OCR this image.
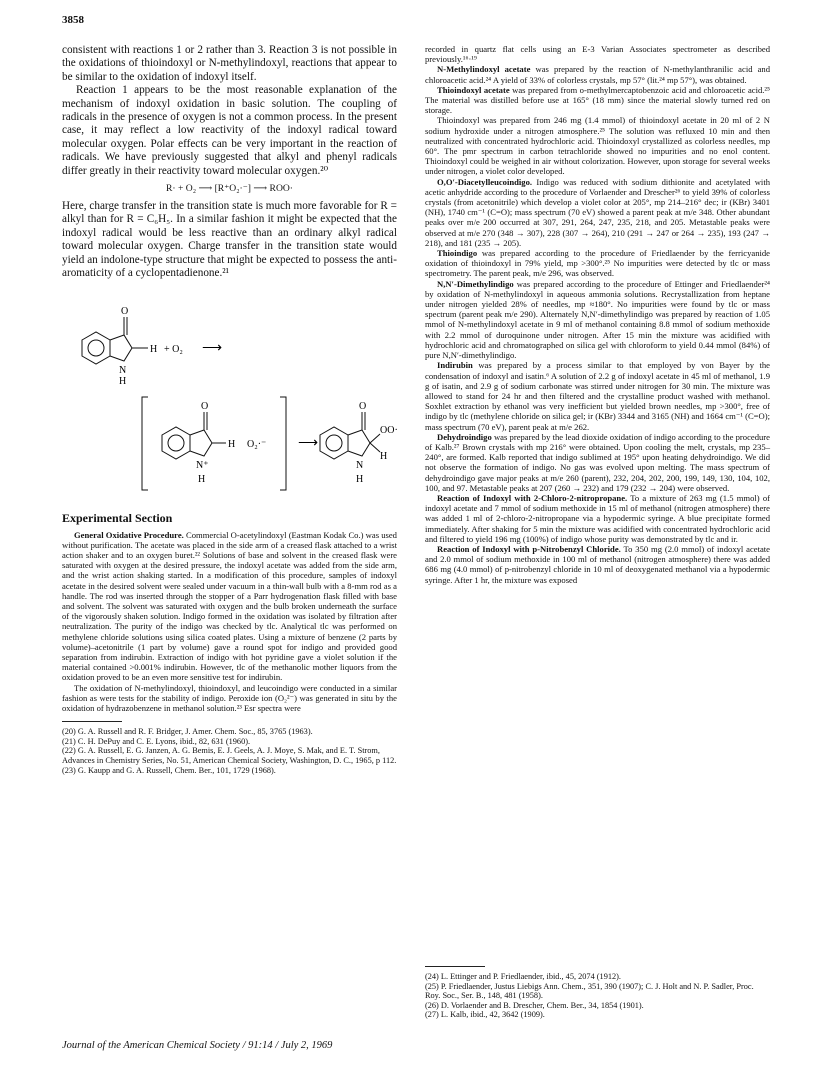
3858

consistent with reactions 1 or 2 rather than 3. Reaction 3 is not possible in the oxidations of thioindoxyl or N-methylindoxyl, reactions that appear to be similar to the oxidation of indoxyl itself.

Reaction 1 appears to be the most reasonable explanation of the mechanism of indoxyl oxidation in basic solution. The coupling of radicals in the presence of oxygen is not a common process. In the present case, it may reflect a low reactivity of the indoxyl radical toward molecular oxygen. Polar effects can be very important in the reaction of radicals. We have previously suggested that alkyl and phenyl radicals differ greatly in their reactivity toward molecular oxygen.²⁰

R· + O₂ ⟶ [R⁺O₂·⁻] ⟶ ROO·

Here, charge transfer in the transition state is much more favorable for R = alkyl than for R = C₆H₅. In a similar fashion it might be expected that the indoxyl radical would be less reactive than an ordinary alkyl radical toward molecular oxygen. Charge transfer in the transition state would yield an indolone-type structure that might be expected to possess the anti-aromaticity of a cyclopentadienone.²¹

O
H + O₂ ⟶
N
H
O
H O₂·⁻
N⁺
H
⟶
O
OO·
H
N
H
Experimental Section

General Oxidative Procedure. Commercial O-acetylindoxyl (Eastman Kodak Co.) was used without purification. The acetate was placed in the side arm of a creased flask attached to a wrist action shaker and to an oxygen buret.²² Solutions of base and solvent in the creased flask were saturated with oxygen at the desired pressure, the indoxyl acetate was added from the side arm, and the wrist action shaking started. In a modification of this procedure, samples of indoxyl acetate in the desired solvent were sealed under vacuum in a thin-wall bulb with a 8-mm rod as a handle. The rod was inserted through the stopper of a Parr hydrogenation flask filled with base and solvent. The solvent was saturated with oxygen and the bulb broken underneath the surface of the vigorously shaken solution. Indigo formed in the oxidation was isolated by filtration after neutralization. The purity of the indigo was checked by tlc. Analytical tlc was performed on methylene chloride solutions using silica coated plates. Using a mixture of benzene (2 parts by volume)–acetonitrile (1 part by volume) gave a round spot for indigo and provided good separation from indirubin. Extraction of indigo with hot pyridine gave a violet solution if the material contained >0.001% indirubin. However, tlc of the methanolic mother liquors from the oxidation proved to be an even more sensitive test for indirubin.

The oxidation of N-methylindoxyl, thioindoxyl, and leucoindigo were conducted in a similar fashion as were tests for the stability of indigo. Peroxide ion (O₂²⁻) was generated in situ by the oxidation of hydrazobenzene in methanol solution.²³ Esr spectra were

(20) G. A. Russell and R. F. Bridger, J. Amer. Chem. Soc., 85, 3765 (1963).
(21) C. H. DePuy and C. E. Lyons, ibid., 82, 631 (1960).
(22) G. A. Russell, E. G. Janzen, A. G. Bemis, E. J. Geels, A. J. Moye, S. Mak, and E. T. Strom, Advances in Chemistry Series, No. 51, American Chemical Society, Washington, D. C., 1965, p 112.
(23) G. Kaupp and G. A. Russell, Chem. Ber., 101, 1729 (1968).

recorded in quartz flat cells using an E-3 Varian Associates spectrometer as described previously.¹⁶·¹⁹

N-Methylindoxyl acetate was prepared by the reaction of N-methylanthranilic acid and chloroacetic acid.²⁴ A yield of 33% of colorless crystals, mp 57° (lit.²⁴ mp 57°), was obtained.

Thioindoxyl acetate was prepared from o-methylmercaptobenzoic acid and chloroacetic acid.²⁵ The material was distilled before use at 165° (18 mm) since the material slowly turned red on storage.

Thioindoxyl was prepared from 246 mg (1.4 mmol) of thioindoxyl acetate in 20 ml of 2 N sodium hydroxide under a nitrogen atmosphere.²⁵ The solution was refluxed 10 min and then neutralized with concentrated hydrochloric acid. Thioindoxyl crystallized as colorless needles, mp 60°. The pmr spectrum in carbon tetrachloride showed no impurities and no enol content. Thioindoxyl could be weighed in air without colorization. However, upon storage for several weeks under nitrogen, a violet color developed.

O,O′-Diacetylleucoindigo. Indigo was reduced with sodium dithionite and acetylated with acetic anhydride according to the procedure of Vorlaender and Drescher²⁶ to yield 39% of colorless crystals (from acetonitrile) which develop a violet color at 205°, mp 214–216° dec; ir (KBr) 3401 (NH), 1740 cm⁻¹ (C=O); mass spectrum (70 eV) showed a parent peak at m/e 348. Other abundant peaks over m/e 200 occurred at 307, 291, 264, 247, 235, 218, and 205. Metastable peaks were observed at m/e 270 (348 → 307), 228 (307 → 264), 210 (291 → 247 or 264 → 235), 193 (247 → 218), and 181 (235 → 205).

Thioindigo was prepared according to the procedure of Friedlaender by the ferricyanide oxidation of thioindoxyl in 79% yield, mp >300°.²⁵ No impurities were detected by tlc or mass spectrometry. The parent peak, m/e 296, was observed.

N,N′-Dimethylindigo was prepared according to the procedure of Ettinger and Friedlaender²⁴ by oxidation of N-methylindoxyl in aqueous ammonia solutions. Recrystallization from heptane under nitrogen yielded 28% of needles, mp ≈180°. No impurities were found by tlc or mass spectrum (parent peak m/e 290). Alternately N,N′-dimethylindigo was prepared by reaction of 1.05 mmol of N-methylindoxyl acetate in 9 ml of methanol containing 8.8 mmol of sodium methoxide with 2.2 mmol of duroquinone under nitrogen. After 15 min the mixture was acidified with hydrochloric acid and chromatographed on silica gel with chloroform to yield 0.44 mmol (84%) of pure N,N′-dimethylindigo.

Indirubin was prepared by a process similar to that employed by von Bayer by the condensation of indoxyl and isatin.⁶ A solution of 2.2 g of indoxyl acetate in 45 ml of methanol, 1.9 g of isatin, and 2.9 g of sodium carbonate was stirred under nitrogen for 30 min. The mixture was allowed to stand for 24 hr and then filtered and the crystalline product washed with methanol. Soxhlet extraction by ethanol was very inefficient but yielded brown needles, mp >300°, free of indigo by tlc (methylene chloride on silica gel; ir (KBr) 3344 and 3165 (NH) and 1664 cm⁻¹ (C=O); mass spectrum (70 eV), parent peak at m/e 262.

Dehydroindigo was prepared by the lead dioxide oxidation of indigo according to the procedure of Kalb.²⁷ Brown crystals with mp 216° were obtained. Upon cooling the melt, crystals, mp 235–240°, are formed. Kalb reported that indigo sublimed at 195° upon heating dehydroindigo. We did not observe the formation of indigo. No gas was evolved upon melting. The mass spectrum of dehydroindigo gave major peaks at m/e 260 (parent), 232, 204, 202, 200, 199, 149, 130, 104, 102, 100, and 97. Metastable peaks at 207 (260 → 232) and 179 (232 → 204) were observed.

Reaction of Indoxyl with 2-Chloro-2-nitropropane. To a mixture of 263 mg (1.5 mmol) of indoxyl acetate and 7 mmol of sodium methoxide in 15 ml of methanol (nitrogen atmosphere) there was added 1 ml of 2-chloro-2-nitropropane via a hypodermic syringe. A blue precipitate formed immediately. After shaking for 5 min the mixture was acidified with concentrated hydrochloric acid and filtered to yield 196 mg (100%) of indigo whose purity was demonstrated by tlc and ir.

Reaction of Indoxyl with p-Nitrobenzyl Chloride. To 350 mg (2.0 mmol) of indoxyl acetate and 2.0 mmol of sodium methoxide in 100 ml of methanol (nitrogen atmosphere) there was added 686 mg (4.0 mmol) of p-nitrobenzyl chloride in 10 ml of deoxygenated methanol via a hypodermic syringe. After 1 hr, the mixture was exposed

(24) L. Ettinger and P. Friedlaender, ibid., 45, 2074 (1912).
(25) P. Friedlaender, Justus Liebigs Ann. Chem., 351, 390 (1907); C. J. Holt and N. P. Sadler, Proc. Roy. Soc., Ser. B., 148, 481 (1958).
(26) D. Vorlaender and B. Drescher, Chem. Ber., 34, 1854 (1901).
(27) L. Kalb, ibid., 42, 3642 (1909).
Journal of the American Chemical Society / 91:14 / July 2, 1969
